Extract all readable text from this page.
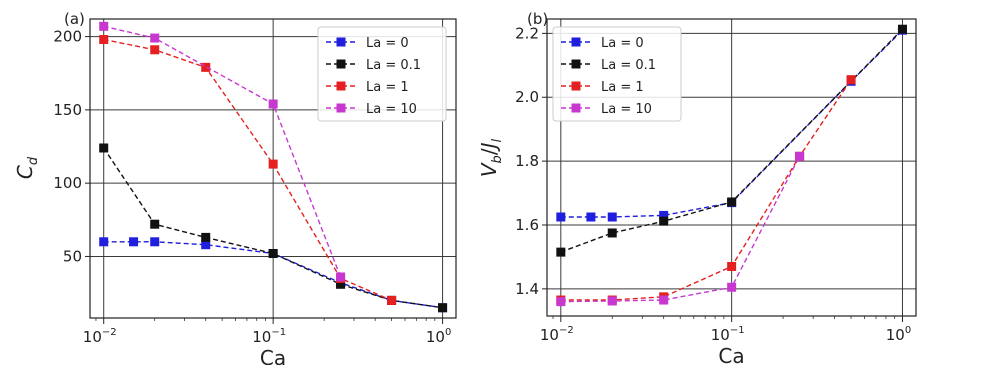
50
100
150
200
$10^{-2}$	$10^{-1}$	$10^0$
Ca
$C_d$
(a)
La = 0
La = 0.1
La = 1
La = 10
1.4
1.6
1.8
2.0
2.2
$10^{-2}$	$10^{-1}$	$10^0$
Ca
$V_b/J_l$
(b)
La = 0
La = 0.1
La = 1
La = 10
